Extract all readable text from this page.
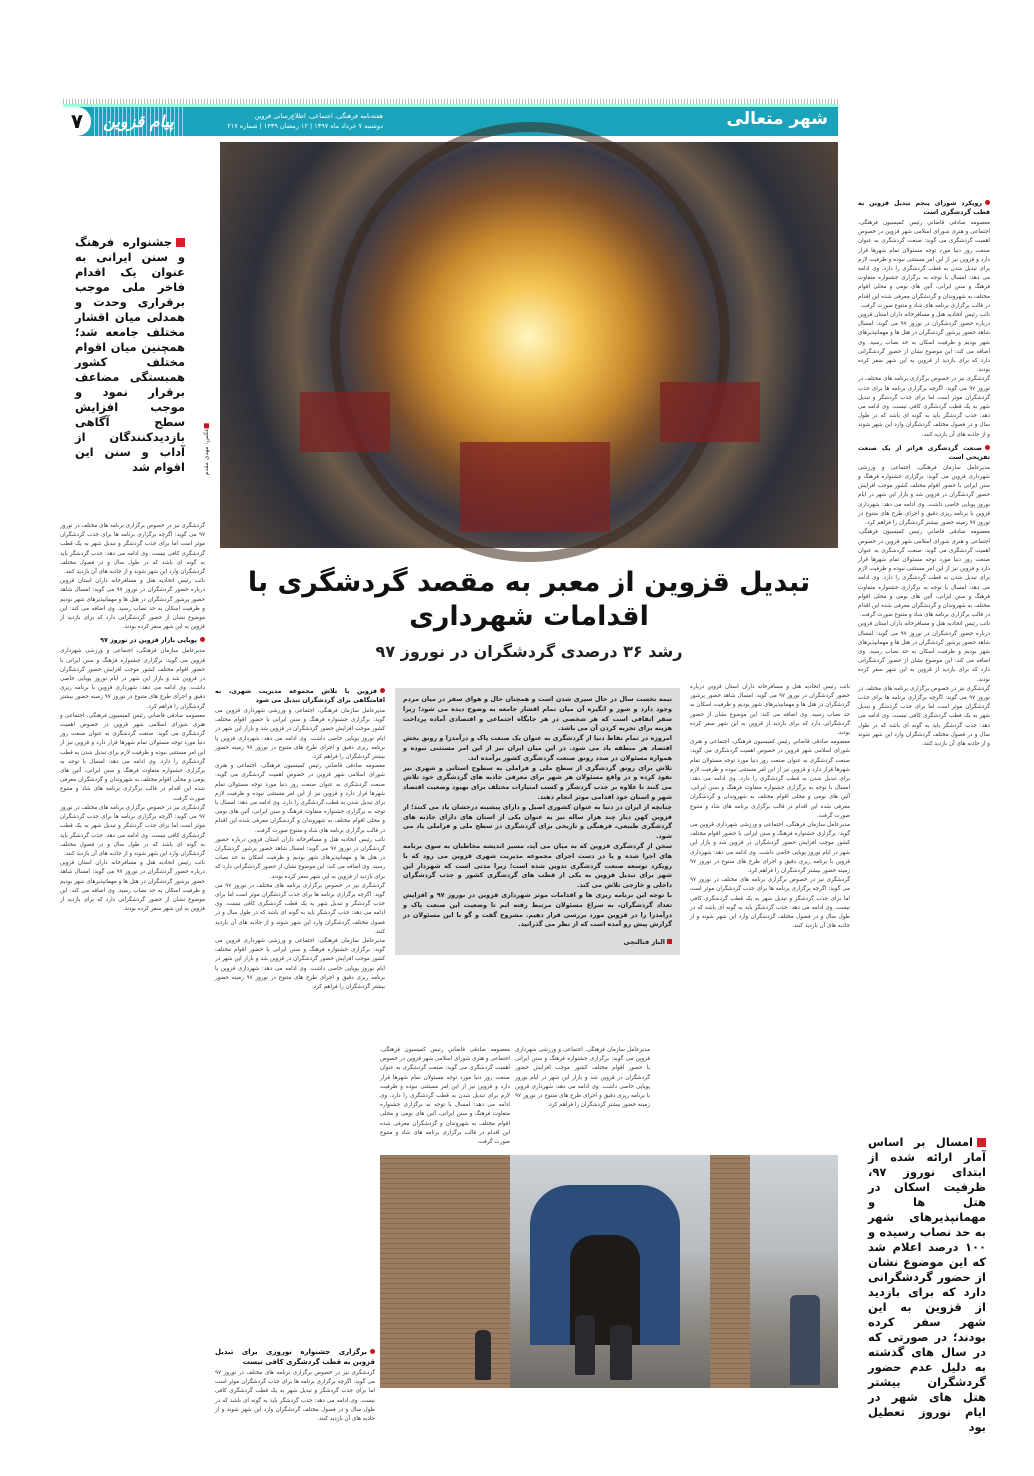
۷	پیام قزوین	هفته‌نامه فرهنگی، اجتماعی، اطلاع‌رسانی قزوین
دوشنبه ۷ خرداد ماه ۱۳۹۷ | ۱۲ رمضان ۱۴۳۹ | شماره ۲۱۷	شهر متعالی
عکس: مهدی مقدم
تبدیل قزوین از معبر به مقصد گردشگری با اقدامات شهرداری
رشد ۳۶ درصدی گردشگران در نوروز ۹۷
جشنواره فرهنگ و سنن ایرانی به عنوان یک اقدام فاخر ملی موجب برقراری وحدت و همدلی میان اقشار مختلف جامعه شد؛ همچنین میان اقوام مختلف کشور همبستگی مضاعف برقرار نمود و موجب افزایش سطح آگاهی بازدیدکنندگان از آداب و سنن این اقوام شد
رویکرد شورای پنجم تبدیل قزوین به قطب گردشگری است

معصومه صادقی قاضاني رئیس کمیسیون فرهنگی، اجتماعی و هنری شورای اسلامی شهر قزوین در خصوص اهمیت گردشگری می گوید: صنعت گردشگری به عنوان صنعت روز دنیا مورد توجه مسئولان تمام شهرها قرار دارد و قزوین نیز از این امر مستثنی نبوده و ظرفیت لازم برای تبدیل شدن به قطب گردشگری را دارد. وی ادامه می دهد: امسال با توجه به برگزاری جشنواره متفاوت فرهنگ و سنن ایرانی، آئین های بومی و محلی اقوام مختلف به شهروندان و گردشگران معرفی شده این اقدام در قالب برگزاری برنامه های شاد و متنوع صورت گرفت.

نائب رئیس اتحادیه هتل و مسافرخانه داران استان قزوین درباره حضور گردشگران در نوروز ۹۷ می گوید: امسال شاهد حضور پرشور گردشگران در هتل ها و مهمانپذیرهای شهر بودیم و ظرفیت اسکان به حد نصاب رسید. وی اضافه می کند: این موضوع نشان از حضور گردشگرانی دارد که برای بازدید از قزوین به این شهر سفر کرده بودند.

گردشگری نیز در خصوص برگزاری برنامه های مختلف در نوروز ۹۷ می گوید: اگرچه برگزاری برنامه ها برای جذب گردشگران موثر است اما برای جذب گردشگر و تبدیل شهر به یک قطب گردشگری کافی نیست. وی ادامه می دهد: جذب گردشگر باید به گونه ای باشد که در طول سال و در فصول مختلف گردشگران وارد این شهر شوند و از جاذبه های آن بازدید کنند.

صنعت گردشگری فراتر از یک صنعت تفریحی است

مدیرعامل سازمان فرهنگی، اجتماعی و ورزشی شهرداری قزوین می گوید: برگزاری جشنواره فرهنگ و سنن ایرانی با حضور اقوام مختلف کشور موجب افزایش حضور گردشگران در قزوین شد و بازار این شهر در ایام نوروز پویایی خاصی داشت. وی ادامه می دهد: شهرداری قزوین با برنامه ریزی دقیق و اجرای طرح های متنوع در نوروز ۹۷ زمینه حضور بیشتر گردشگران را فراهم کرد.

معصومه صادقی قاضاني رئیس کمیسیون فرهنگی، اجتماعی و هنری شورای اسلامی شهر قزوین در خصوص اهمیت گردشگری می گوید: صنعت گردشگری به عنوان صنعت روز دنیا مورد توجه مسئولان تمام شهرها قرار دارد و قزوین نیز از این امر مستثنی نبوده و ظرفیت لازم برای تبدیل شدن به قطب گردشگری را دارد. وی ادامه می دهد: امسال با توجه به برگزاری جشنواره متفاوت فرهنگ و سنن ایرانی، آئین های بومی و محلی اقوام مختلف به شهروندان و گردشگران معرفی شده این اقدام در قالب برگزاری برنامه های شاد و متنوع صورت گرفت.

نائب رئیس اتحادیه هتل و مسافرخانه داران استان قزوین درباره حضور گردشگران در نوروز ۹۷ می گوید: امسال شاهد حضور پرشور گردشگران در هتل ها و مهمانپذیرهای شهر بودیم و ظرفیت اسکان به حد نصاب رسید. وی اضافه می کند: این موضوع نشان از حضور گردشگرانی دارد که برای بازدید از قزوین به این شهر سفر کرده بودند.

گردشگری نیز در خصوص برگزاری برنامه های مختلف در نوروز ۹۷ می گوید: اگرچه برگزاری برنامه ها برای جذب گردشگران موثر است اما برای جذب گردشگر و تبدیل شهر به یک قطب گردشگری کافی نیست. وی ادامه می دهد: جذب گردشگر باید به گونه ای باشد که در طول سال و در فصول مختلف گردشگران وارد این شهر شوند و از جاذبه های آن بازدید کنند.

امسال بر اساس آمار ارائه شده از ابتدای نوروز ۹۷، ظرفیت اسکان در هتل ها و مهمانپذیرهای شهر به حد نصاب رسیده و ۱۰۰ درصد اعلام شد که این موضوع نشان از حضور گردشگرانی دارد که برای بازدید از قزوین به این شهر سفر کرده بودند؛ در صورتی که در سال های گذشته به دلیل عدم حضور گردشگران بیشتر هتل های شهر در ایام نوروز تعطیل بود

گردشگری نیز در خصوص برگزاری برنامه های مختلف در نوروز ۹۷ می گوید: اگرچه برگزاری برنامه ها برای جذب گردشگران موثر است اما برای جذب گردشگر و تبدیل شهر به یک قطب گردشگری کافی نیست. وی ادامه می دهد: جذب گردشگر باید به گونه ای باشد که در طول سال و در فصول مختلف گردشگران وارد این شهر شوند و از جاذبه های آن بازدید کنند.

نائب رئیس اتحادیه هتل و مسافرخانه داران استان قزوین درباره حضور گردشگران در نوروز ۹۷ می گوید: امسال شاهد حضور پرشور گردشگران در هتل ها و مهمانپذیرهای شهر بودیم و ظرفیت اسکان به حد نصاب رسید. وی اضافه می کند: این موضوع نشان از حضور گردشگرانی دارد که برای بازدید از قزوین به این شهر سفر کرده بودند.

پویایی بازار قزوین در نوروز ۹۷

مدیرعامل سازمان فرهنگی، اجتماعی و ورزشی شهرداری قزوین می گوید: برگزاری جشنواره فرهنگ و سنن ایرانی با حضور اقوام مختلف کشور موجب افزایش حضور گردشگران در قزوین شد و بازار این شهر در ایام نوروز پویایی خاصی داشت. وی ادامه می دهد: شهرداری قزوین با برنامه ریزی دقیق و اجرای طرح های متنوع در نوروز ۹۷ زمینه حضور بیشتر گردشگران را فراهم کرد.

معصومه صادقی قاضاني رئیس کمیسیون فرهنگی، اجتماعی و هنری شورای اسلامی شهر قزوین در خصوص اهمیت گردشگری می گوید: صنعت گردشگری به عنوان صنعت روز دنیا مورد توجه مسئولان تمام شهرها قرار دارد و قزوین نیز از این امر مستثنی نبوده و ظرفیت لازم برای تبدیل شدن به قطب گردشگری را دارد. وی ادامه می دهد: امسال با توجه به برگزاری جشنواره متفاوت فرهنگ و سنن ایرانی، آئین های بومی و محلی اقوام مختلف به شهروندان و گردشگران معرفی شده این اقدام در قالب برگزاری برنامه های شاد و متنوع صورت گرفت.

گردشگری نیز در خصوص برگزاری برنامه های مختلف در نوروز ۹۷ می گوید: اگرچه برگزاری برنامه ها برای جذب گردشگران موثر است اما برای جذب گردشگر و تبدیل شهر به یک قطب گردشگری کافی نیست. وی ادامه می دهد: جذب گردشگر باید به گونه ای باشد که در طول سال و در فصول مختلف گردشگران وارد این شهر شوند و از جاذبه های آن بازدید کنند.

نائب رئیس اتحادیه هتل و مسافرخانه داران استان قزوین درباره حضور گردشگران در نوروز ۹۷ می گوید: امسال شاهد حضور پرشور گردشگران در هتل ها و مهمانپذیرهای شهر بودیم و ظرفیت اسکان به حد نصاب رسید. وی اضافه می کند: این موضوع نشان از حضور گردشگرانی دارد که برای بازدید از قزوین به این شهر سفر کرده بودند.

قزوین با تلاش مجموعه مدیریت شهری، به اقامتگاهی برای گردشگران تبدیل می شود

مدیرعامل سازمان فرهنگی، اجتماعی و ورزشی شهرداری قزوین می گوید: برگزاری جشنواره فرهنگ و سنن ایرانی با حضور اقوام مختلف کشور موجب افزایش حضور گردشگران در قزوین شد و بازار این شهر در ایام نوروز پویایی خاصی داشت. وی ادامه می دهد: شهرداری قزوین با برنامه ریزی دقیق و اجرای طرح های متنوع در نوروز ۹۷ زمینه حضور بیشتر گردشگران را فراهم کرد.

معصومه صادقی قاضاني رئیس کمیسیون فرهنگی، اجتماعی و هنری شورای اسلامی شهر قزوین در خصوص اهمیت گردشگری می گوید: صنعت گردشگری به عنوان صنعت روز دنیا مورد توجه مسئولان تمام شهرها قرار دارد و قزوین نیز از این امر مستثنی نبوده و ظرفیت لازم برای تبدیل شدن به قطب گردشگری را دارد. وی ادامه می دهد: امسال با توجه به برگزاری جشنواره متفاوت فرهنگ و سنن ایرانی، آئین های بومی و محلی اقوام مختلف به شهروندان و گردشگران معرفی شده این اقدام در قالب برگزاری برنامه های شاد و متنوع صورت گرفت.

نائب رئیس اتحادیه هتل و مسافرخانه داران استان قزوین درباره حضور گردشگران در نوروز ۹۷ می گوید: امسال شاهد حضور پرشور گردشگران در هتل ها و مهمانپذیرهای شهر بودیم و ظرفیت اسکان به حد نصاب رسید. وی اضافه می کند: این موضوع نشان از حضور گردشگرانی دارد که برای بازدید از قزوین به این شهر سفر کرده بودند.

گردشگری نیز در خصوص برگزاری برنامه های مختلف در نوروز ۹۷ می گوید: اگرچه برگزاری برنامه ها برای جذب گردشگران موثر است اما برای جذب گردشگر و تبدیل شهر به یک قطب گردشگری کافی نیست. وی ادامه می دهد: جذب گردشگر باید به گونه ای باشد که در طول سال و در فصول مختلف گردشگران وارد این شهر شوند و از جاذبه های آن بازدید کنند.

مدیرعامل سازمان فرهنگی، اجتماعی و ورزشی شهرداری قزوین می گوید: برگزاری جشنواره فرهنگ و سنن ایرانی با حضور اقوام مختلف کشور موجب افزایش حضور گردشگران در قزوین شد و بازار این شهر در ایام نوروز پویایی خاصی داشت. وی ادامه می دهد: شهرداری قزوین با برنامه ریزی دقیق و اجرای طرح های متنوع در نوروز ۹۷ زمینه حضور بیشتر گردشگران را فراهم کرد.

برگزاری جشنواره نوروزی برای تبدیل قزوین به قطب گردشگری کافی نیست

گردشگری نیز در خصوص برگزاری برنامه های مختلف در نوروز ۹۷ می گوید: اگرچه برگزاری برنامه ها برای جذب گردشگران موثر است اما برای جذب گردشگر و تبدیل شهر به یک قطب گردشگری کافی نیست. وی ادامه می دهد: جذب گردشگر باید به گونه ای باشد که در طول سال و در فصول مختلف گردشگران وارد این شهر شوند و از جاذبه های آن بازدید کنند.

نیمه نخست سال در حال سپری شدن است و همچنان حال و هوای سفر در میان مردم وجود دارد و شور و انگیزه آن میان تمام اقشار جامعه به وضوح دیده می شود؛ زیرا سفر اتفاقی است که هر شخصی در هر جایگاه اجتماعی و اقتصادی آماده پرداخت هزینه برای تجربه کردن آن می باشد.

امروزه در تمام نقاط دنیا از گردشگری به عنوان یک صنعت پاک و درآمدزا و رونق بخش اقتصاد هر منطقه یاد می شود. در این میان ایران نیز از این امر مستثنی نبوده و همواره مسئولان در صدد رونق صنعت گردشگری کشور برآمده اند.

تلاش برای رونق گردشگری از سطح ملی و فراملی به سطوح استانی و شهری نیز نفوذ کرده و در واقع مسئولان هر شهر برای معرفی جاذبه های گردشگری خود تلاش می کنند تا علاوه بر جذب گردشگر و کسب امتیازات مختلف برای بهبود وضعیت اقتصاد شهر و استان خود اقدامی موثر انجام دهند.

چنانچه از ایران در دنیا به عنوان کشوری اصیل و دارای پیشینه درخشان یاد می کنند؛ از قزوین کهن دیار چند هزار ساله نیز به عنوان یکی از استان های دارای جاذبه های گردشگری طبیعی، فرهنگی و تاریخی برای گردشگری در سطح ملی و فراملی یاد می شود.

سخن از گردشگری قزوین که به میان می آید، مسیر اندیشه مخاطبان به سوی برنامه های اجرا شده و یا در دست اجرای مجموعه مدیریت شهری قزوین می رود که با رویکرد توسعه صنعت گردشگری تدوین شده است؛ زیرا مدتی است که شهردار این شهر برای تبدیل قزوین به یکی از قطب های گردشگری کشور و جذب گردشگران داخلی و خارجی تلاش می کند.

با توجه این برنامه ریزی ها و اقدامات موثر شهرداری قزوین در نوروز ۹۷ و افزایش تعداد گردشگران، به سراغ مسئولان مرتبط رفته ایم تا وضعیت این صنعت پاک و درآمدزا را در قزوین مورد بررسی قرار دهیم. مشروح گفت و گو با این مسئولان در گزارش پیش رو آمده است که از نظر می گذرانید.

الناز فتالنجی

نائب رئیس اتحادیه هتل و مسافرخانه داران استان قزوین درباره حضور گردشگران در نوروز ۹۷ می گوید: امسال شاهد حضور پرشور گردشگران در هتل ها و مهمانپذیرهای شهر بودیم و ظرفیت اسکان به حد نصاب رسید. وی اضافه می کند: این موضوع نشان از حضور گردشگرانی دارد که برای بازدید از قزوین به این شهر سفر کرده بودند.

معصومه صادقی قاضاني رئیس کمیسیون فرهنگی، اجتماعی و هنری شورای اسلامی شهر قزوین در خصوص اهمیت گردشگری می گوید: صنعت گردشگری به عنوان صنعت روز دنیا مورد توجه مسئولان تمام شهرها قرار دارد و قزوین نیز از این امر مستثنی نبوده و ظرفیت لازم برای تبدیل شدن به قطب گردشگری را دارد. وی ادامه می دهد: امسال با توجه به برگزاری جشنواره متفاوت فرهنگ و سنن ایرانی، آئین های بومی و محلی اقوام مختلف به شهروندان و گردشگران معرفی شده این اقدام در قالب برگزاری برنامه های شاد و متنوع صورت گرفت.

مدیرعامل سازمان فرهنگی، اجتماعی و ورزشی شهرداری قزوین می گوید: برگزاری جشنواره فرهنگ و سنن ایرانی با حضور اقوام مختلف کشور موجب افزایش حضور گردشگران در قزوین شد و بازار این شهر در ایام نوروز پویایی خاصی داشت. وی ادامه می دهد: شهرداری قزوین با برنامه ریزی دقیق و اجرای طرح های متنوع در نوروز ۹۷ زمینه حضور بیشتر گردشگران را فراهم کرد.

گردشگری نیز در خصوص برگزاری برنامه های مختلف در نوروز ۹۷ می گوید: اگرچه برگزاری برنامه ها برای جذب گردشگران موثر است اما برای جذب گردشگر و تبدیل شهر به یک قطب گردشگری کافی نیست. وی ادامه می دهد: جذب گردشگر باید به گونه ای باشد که در طول سال و در فصول مختلف گردشگران وارد این شهر شوند و از جاذبه های آن بازدید کنند.

معصومه صادقی قاضاني رئیس کمیسیون فرهنگی، اجتماعی و هنری شورای اسلامی شهر قزوین در خصوص اهمیت گردشگری می گوید: صنعت گردشگری به عنوان صنعت روز دنیا مورد توجه مسئولان تمام شهرها قرار دارد و قزوین نیز از این امر مستثنی نبوده و ظرفیت لازم برای تبدیل شدن به قطب گردشگری را دارد. وی ادامه می دهد: امسال با توجه به برگزاری جشنواره متفاوت فرهنگ و سنن ایرانی، آئین های بومی و محلی اقوام مختلف به شهروندان و گردشگران معرفی شده این اقدام در قالب برگزاری برنامه های شاد و متنوع صورت گرفت.

مدیرعامل سازمان فرهنگی، اجتماعی و ورزشی شهرداری قزوین می گوید: برگزاری جشنواره فرهنگ و سنن ایرانی با حضور اقوام مختلف کشور موجب افزایش حضور گردشگران در قزوین شد و بازار این شهر در ایام نوروز پویایی خاصی داشت. وی ادامه می دهد: شهرداری قزوین با برنامه ریزی دقیق و اجرای طرح های متنوع در نوروز ۹۷ زمینه حضور بیشتر گردشگران را فراهم کرد.
